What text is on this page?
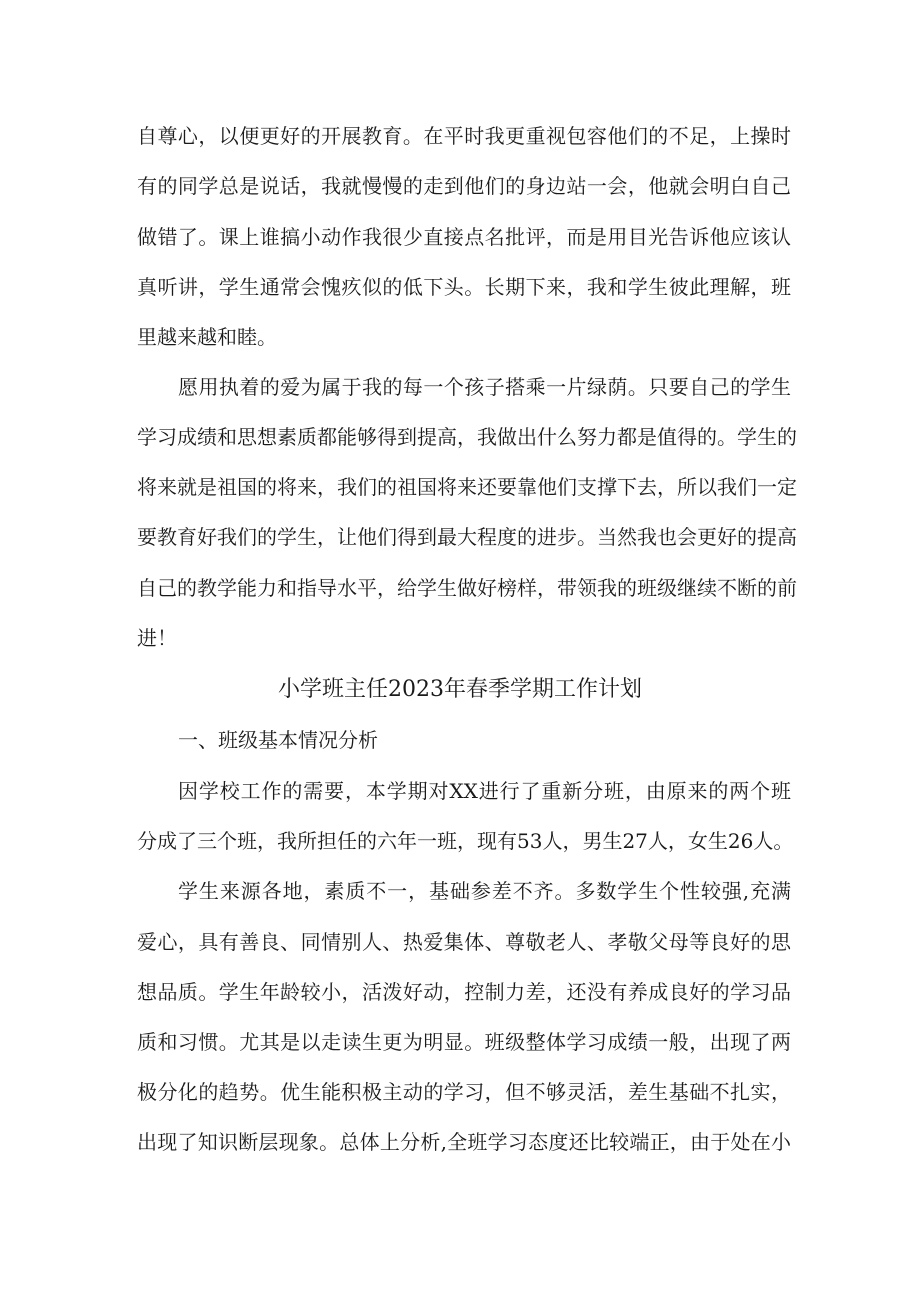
自尊心，以便更好的开展教育。在平时我更重视包容他们的不足，上操时
有的同学总是说话，我就慢慢的走到他们的身边站一会，他就会明白自己
做错了。课上谁搞小动作我很少直接点名批评，而是用目光告诉他应该认
真听讲，学生通常会愧疚似的低下头。长期下来，我和学生彼此理解，班
里越来越和睦。
愿用执着的爱为属于我的每一个孩子搭乘一片绿荫。只要自己的学生
学习成绩和思想素质都能够得到提高，我做出什么努力都是值得的。学生的
将来就是祖国的将来，我们的祖国将来还要靠他们支撑下去，所以我们一定
要教育好我们的学生，让他们得到最大程度的进步。当然我也会更好的提高
自己的教学能力和指导水平，给学生做好榜样，带领我的班级继续不断的前
进！
小学班主任2023年春季学期工作计划
一、班级基本情况分析
因学校工作的需要，本学期对XX进行了重新分班，由原来的两个班
分成了三个班，我所担任的六年一班，现有53人，男生27人，女生26人。
学生来源各地，素质不一，基础参差不齐。多数学生个性较强,充满
爱心，具有善良、同情别人、热爱集体、尊敬老人、孝敬父母等良好的思
想品质。学生年龄较小，活泼好动，控制力差，还没有养成良好的学习品
质和习惯。尤其是以走读生更为明显。班级整体学习成绩一般，出现了两
极分化的趋势。优生能积极主动的学习，但不够灵活，差生基础不扎实，
出现了知识断层现象。总体上分析,全班学习态度还比较端正，由于处在小
